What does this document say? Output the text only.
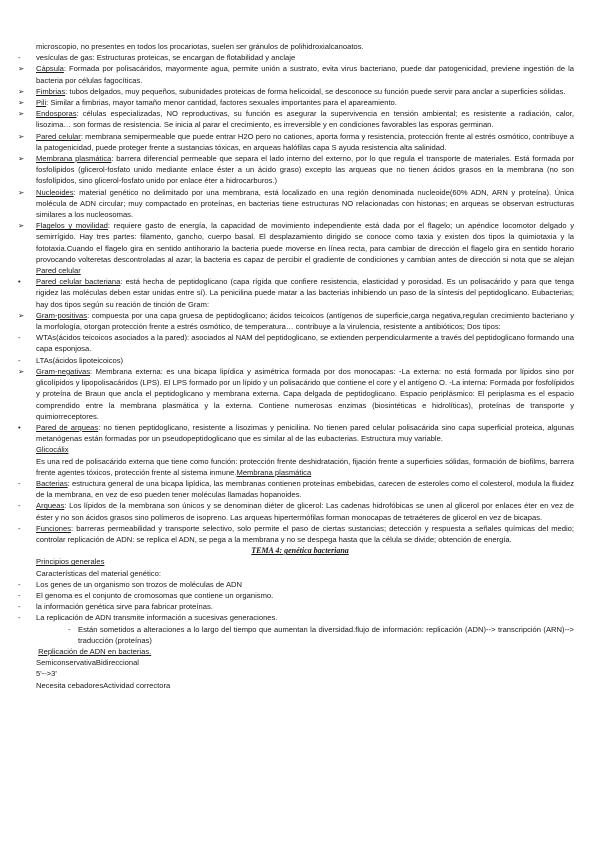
microscopio, no presentes en todos los procariotas, suelen ser gránulos de polihidroxialcanoatos.
-	vesículas de gas: Estructuras proteicas, se encargan de flotabilidad y anclaje
➢	Cápsula: Formada por polisacáridos, mayormente agua, permite unión a sustrato, evita virus bacteriano, puede dar patogenicidad, previene ingestión de la bacteria por células fagocíticas.
➢	Fimbrias: tubos delgados, muy pequeños, subunidades proteicas de forma helicoidal, se desconoce su función puede servir para anclar a superficies sólidas.
➢	Pili: Similar a fimbrias, mayor tamaño menor cantidad, factores sexuales importantes para el apareamiento.
➢	Endosporas: células especializadas, NO reproductivas, su función es asegurar la supervivencia en tensión ambiental; es resistente a radiación, calor, lisozima… son formas de resistencia. Se inicia al parar el crecimiento, es irreversible y en condiciones favorables las esporas germinan.
➢	Pared celular: membrana semipermeable que puede entrar H2O pero no cationes, aporta forma y resistencia, protección frente al estrés osmótico, contribuye a la patogenicidad, puede proteger frente a sustancias tóxicas, en arqueas halófilas capa S ayuda resistencia alta salinidad.
➢	Membrana plasmática: barrera diferencial permeable que separa el lado interno del externo, por lo que regula el transporte de materiales. Está formada por fosfolípidos (glicerol-fosfato unido mediante enlace éster a un ácido graso) excepto las arqueas que no tienen ácidos grasos en la membrana (no son fosfolípidos, sino glicerol-fosfato unido por enlace éter a hidrocarburos.)
➢	Nucleoides: material genético no delimitado por una membrana, está localizado en una región denominada nucleoide(60% ADN, ARN y proteína). Única molécula de ADN circular; muy compactado en proteínas, en bacterias tiene estructuras NO relacionadas con histonas; en arqueas se observan estructuras similares a los nucleosomas.
➢	Flagelos y movilidad: requiere gasto de energía, la capacidad de movimiento independiente está dada por el flagelo; un apéndice locomotor delgado y semirrígido. Hay tres partes: filamento, gancho, cuerpo basal. El desplazamiento dirigido se conoce como taxia y existen dos tipos la quimiotaxia y la fototaxia.Cuando el flagelo gira en sentido antihorario la bacteria puede moverse en línea recta, para cambiar de dirección el flagelo gira en sentido horario provocando volteretas descontroladas al azar; la bacteria es capaz de percibir el gradiente de condiciones y cambian antes de dirección si nota que se alejan Pared celular
•	Pared celular bacteriana: está hecha de peptidoglicano (capa rígida que confiere resistencia, elasticidad y porosidad. Es un polisacárido y para que tenga rigidez las moléculas deben estar unidas entre sí). La penicilina puede matar a las bacterias inhibiendo un paso de la síntesis del peptidoglicano. Eubacterias; hay dos tipos según su reación de tinción de Gram:
➢	Gram-positivas: compuesta por una capa gruesa de peptidoglicano; ácidos teicoicos (antígenos de superficie,carga negativa,regulan crecimiento bacteriano y la morfología, otorgan protección frente a estrés osmótico, de temperatura… contribuye a la virulencia, resistente a antibióticos; Dos tipos:
-	WTAs(ácidos teicoicos asociados a la pared): asociados al NAM del peptidoglicano, se extienden perpendicularmente a través del peptidoglicano formando una capa esponjosa.
-	LTAs(ácidos lipoteicoicos)
➢	Gram-negativas: Membrana externa: es una bicapa lipídica y asimétrica formada por dos monocapas: -La externa: no está formada por lípidos sino por glicolípidos y lipopolisacáridos (LPS). El LPS formado por un lípido y un polisacárido que contiene el core y el antígeno O. -La interna: Formada por fosfolípidos y proteína de Braun que ancla el peptidoglicano y membrana externa. Capa delgada de peptidoglicano. Espacio periplásmico: El periplasma es el espacio comprendido entre la membrana plasmática y la externa. Contiene numerosas enzimas (biosintéticas e hidrolíticas), proteínas de transporte y quimiorreceptores.
•	Pared de arqueas: no tienen peptidoglicano, resistente a lisozimas y penicilina. No tienen pared celular polisacárida sino capa superficial proteica, algunas metanógenas están formadas por un pseudopeptidoglicano que es similar al de las eubacterias. Estructura muy variable.
Glicocálix
Es una red de polisacárido externa que tiene como función: protección frente deshidratación, fijación frente a superficies sólidas, formación de biofilms, barrera frente agentes tóxicos, protección frente al sistema inmune.Membrana plasmática
-	Bacterias: estructura general de una bicapa lipídica, las membranas contienen proteínas embebidas, carecen de esteroles como el colesterol, modula la fluidez de la membrana, en vez de eso pueden tener moléculas llamadas hopanoides.
-	Arqueas: Los lípidos de la membrana son únicos y se denominan diéter de glicerol: Las cadenas hidrofóbicas se unen al glicerol por enlaces éter en vez de éster y no son ácidos grasos sino polímeros de isopreno. Las arqueas hipertermófilas forman monocapas de tetraéteres de glicerol en vez de bicapas.
-	Funciones: barreras permeabilidad y transporte selectivo, solo permite el paso de ciertas sustancias; detección y respuesta a señales químicas del medio; controlar replicación de ADN: se replica el ADN, se pega a la membrana y no se despega hasta que la célula se divide; obtención de energía.
TEMA 4: genética bacteriana
Principios generales
Características del material genético:
-	Los genes de un organismo son trozos de moléculas de ADN
-	El genoma es el conjunto de cromosomas que contiene un organismo.
-	la información genética sirve para fabricar proteínas.
-	La replicación de ADN transmite información a sucesivas generaciones.
- Están sometidos a alteraciones a lo largo del tiempo que aumentan la diversidad.flujo de información: replicación (ADN)--> transcripción (ARN)--> traducción (proteínas)
Replicación de ADN en bacterias.
SemiconservativaBidireccional
5'-->3'
Necesita cebadoresActividad correctora
